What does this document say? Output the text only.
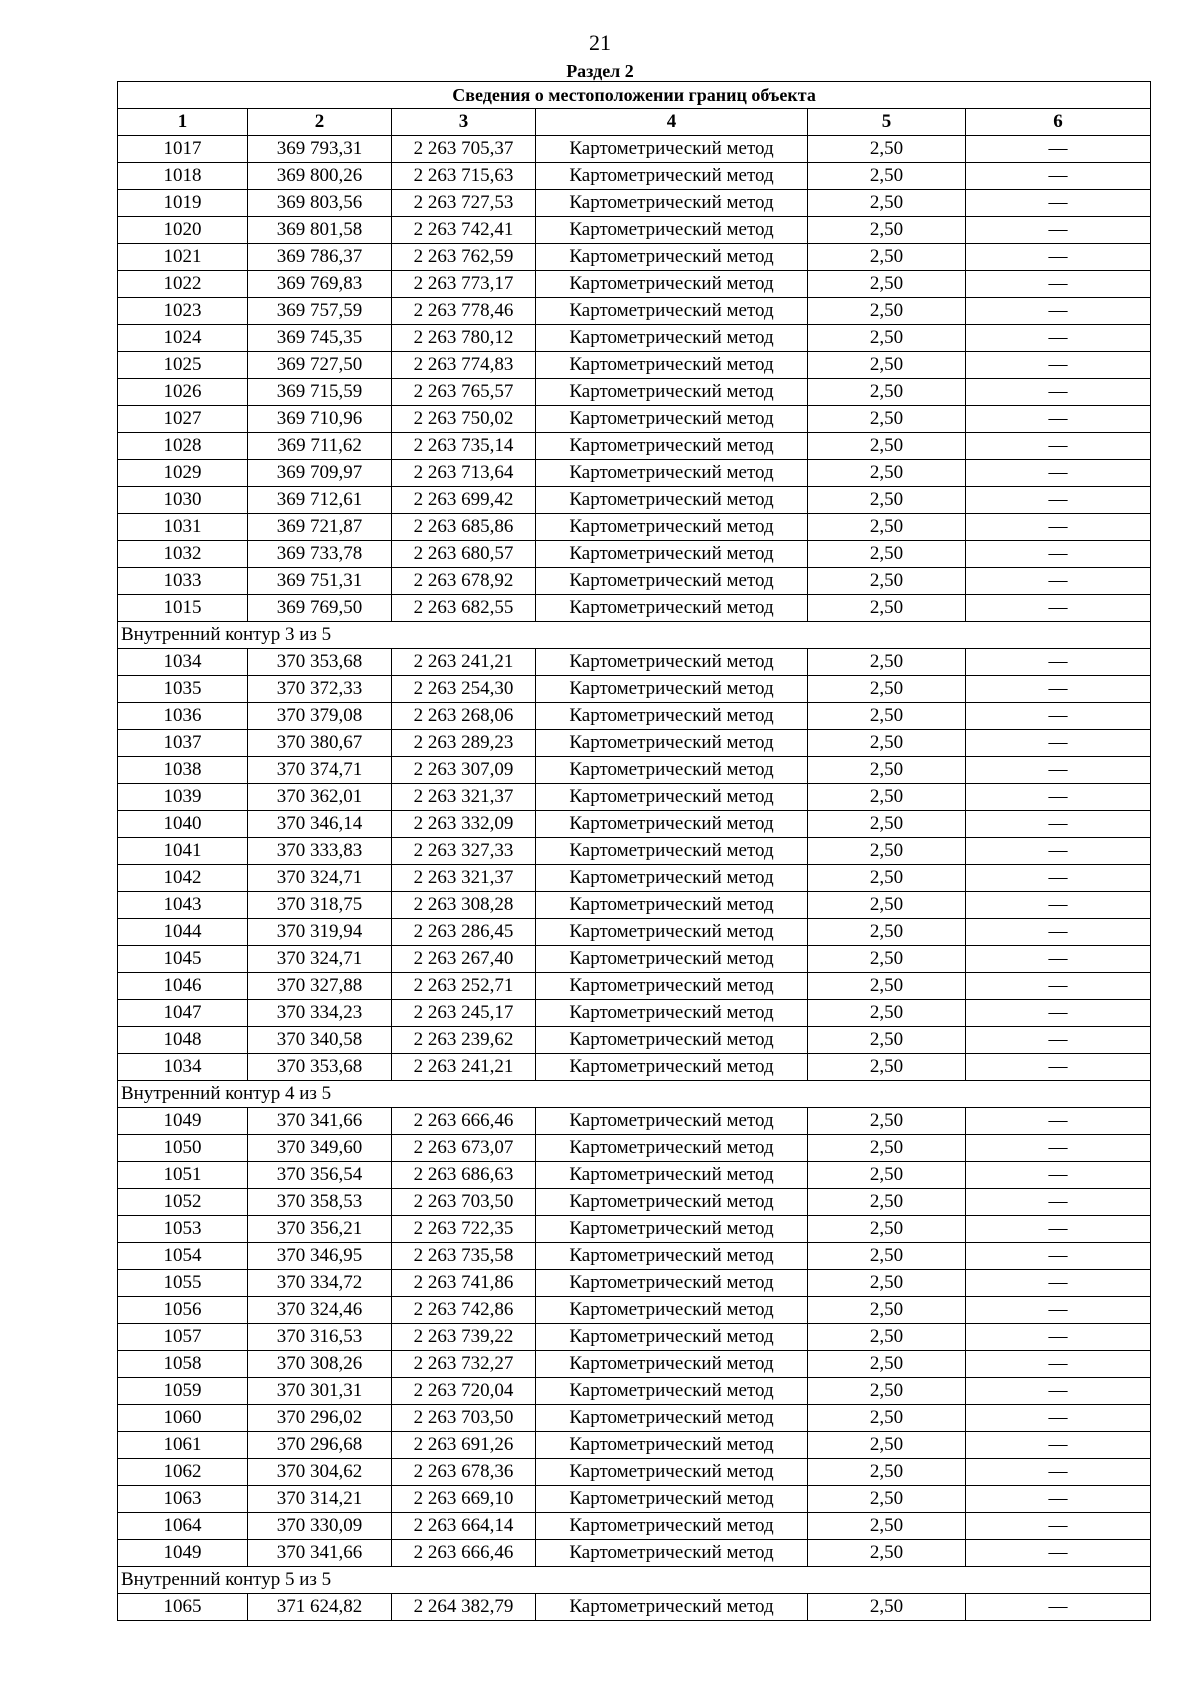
21
Раздел 2
Сведения о местоположении границ объекта					
1	2	3	4	5	6
1017	369 793,31	2 263 705,37	Картометрический метод	2,50	—
1018	369 800,26	2 263 715,63	Картометрический метод	2,50	—
1019	369 803,56	2 263 727,53	Картометрический метод	2,50	—
1020	369 801,58	2 263 742,41	Картометрический метод	2,50	—
1021	369 786,37	2 263 762,59	Картометрический метод	2,50	—
1022	369 769,83	2 263 773,17	Картометрический метод	2,50	—
1023	369 757,59	2 263 778,46	Картометрический метод	2,50	—
1024	369 745,35	2 263 780,12	Картометрический метод	2,50	—
1025	369 727,50	2 263 774,83	Картометрический метод	2,50	—
1026	369 715,59	2 263 765,57	Картометрический метод	2,50	—
1027	369 710,96	2 263 750,02	Картометрический метод	2,50	—
1028	369 711,62	2 263 735,14	Картометрический метод	2,50	—
1029	369 709,97	2 263 713,64	Картометрический метод	2,50	—
1030	369 712,61	2 263 699,42	Картометрический метод	2,50	—
1031	369 721,87	2 263 685,86	Картометрический метод	2,50	—
1032	369 733,78	2 263 680,57	Картометрический метод	2,50	—
1033	369 751,31	2 263 678,92	Картометрический метод	2,50	—
1015	369 769,50	2 263 682,55	Картометрический метод	2,50	—
Внутренний контур 3 из 5					
1034	370 353,68	2 263 241,21	Картометрический метод	2,50	—
1035	370 372,33	2 263 254,30	Картометрический метод	2,50	—
1036	370 379,08	2 263 268,06	Картометрический метод	2,50	—
1037	370 380,67	2 263 289,23	Картометрический метод	2,50	—
1038	370 374,71	2 263 307,09	Картометрический метод	2,50	—
1039	370 362,01	2 263 321,37	Картометрический метод	2,50	—
1040	370 346,14	2 263 332,09	Картометрический метод	2,50	—
1041	370 333,83	2 263 327,33	Картометрический метод	2,50	—
1042	370 324,71	2 263 321,37	Картометрический метод	2,50	—
1043	370 318,75	2 263 308,28	Картометрический метод	2,50	—
1044	370 319,94	2 263 286,45	Картометрический метод	2,50	—
1045	370 324,71	2 263 267,40	Картометрический метод	2,50	—
1046	370 327,88	2 263 252,71	Картометрический метод	2,50	—
1047	370 334,23	2 263 245,17	Картометрический метод	2,50	—
1048	370 340,58	2 263 239,62	Картометрический метод	2,50	—
1034	370 353,68	2 263 241,21	Картометрический метод	2,50	—
Внутренний контур 4 из 5					
1049	370 341,66	2 263 666,46	Картометрический метод	2,50	—
1050	370 349,60	2 263 673,07	Картометрический метод	2,50	—
1051	370 356,54	2 263 686,63	Картометрический метод	2,50	—
1052	370 358,53	2 263 703,50	Картометрический метод	2,50	—
1053	370 356,21	2 263 722,35	Картометрический метод	2,50	—
1054	370 346,95	2 263 735,58	Картометрический метод	2,50	—
1055	370 334,72	2 263 741,86	Картометрический метод	2,50	—
1056	370 324,46	2 263 742,86	Картометрический метод	2,50	—
1057	370 316,53	2 263 739,22	Картометрический метод	2,50	—
1058	370 308,26	2 263 732,27	Картометрический метод	2,50	—
1059	370 301,31	2 263 720,04	Картометрический метод	2,50	—
1060	370 296,02	2 263 703,50	Картометрический метод	2,50	—
1061	370 296,68	2 263 691,26	Картометрический метод	2,50	—
1062	370 304,62	2 263 678,36	Картометрический метод	2,50	—
1063	370 314,21	2 263 669,10	Картометрический метод	2,50	—
1064	370 330,09	2 263 664,14	Картометрический метод	2,50	—
1049	370 341,66	2 263 666,46	Картометрический метод	2,50	—
Внутренний контур 5 из 5					
1065	371 624,82	2 264 382,79	Картометрический метод	2,50	—
